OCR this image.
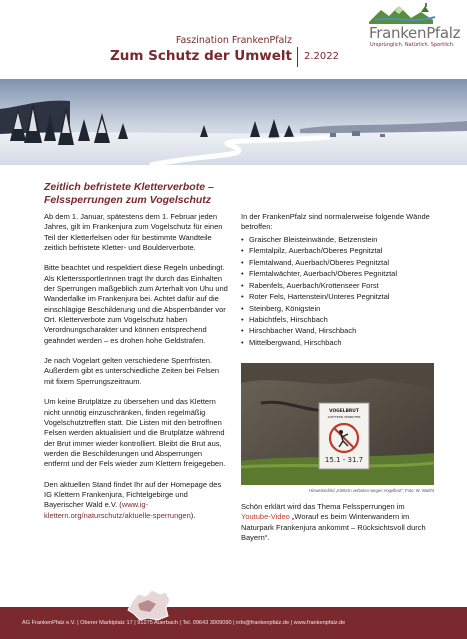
Faszination FrankenPfalz
Zum Schutz der Umwelt 2.2022
FrankenPfalz
Ursprünglich. Natürlich. Sportlich.
Zeitlich befristete Kletterverbote –
Felssperrungen zum Vogelschutz

Ab dem 1. Januar, spätestens dem 1. Februar jeden Jahres, gilt im Frankenjura zum Vogelschutz für einen Teil der Kletterfelsen oder für bestimmte Wandteile zeitlich befristete Kletter- und Boulderverbote.

Bitte beachtet und respektiert diese Regeln unbedingt. Als KletterssportlerInnen tragt Ihr durch das Einhalten der Sperrungen maßgeblich zum Arterhalt von Uhu und Wanderfalke im Frankenjura bei. Achtet dafür auf die einschlägige Beschilderung und die Absperrbänder vor Ort. Kletterverbote zum Vogelschutz haben Verordnungscharakter und können entsprechend geahndet werden – es drohen hohe Geldstrafen.

Je nach Vogelart gelten verschiedene Sperrfristen. Außerdem gibt es unterschiedliche Zeiten bei Felsen mit fixem Sperrungszeitraum.

Um keine Brutplätze zu übersehen und das Klettern nicht unnötig einzuschränken, finden regelmäßig Vogelschutztreffen statt. Die Listen mit den betroffnen Felsen werden aktualisiert und die Brutplätze während der Brut immer wieder kontrolliert. Bleibt die Brut aus, werden die Beschilderungen und Absperrungen entfernt und der Fels wieder zum Klettern freigegeben.

Den aktuellen Stand findet Ihr auf der Homepage des IG Klettern Frankenjura, Fichtelgebirge und Bayerischer Wald e.V. (www.ig-klettern.org/naturschutz/aktuelle-sperrungen).

In der FrankenPfalz sind normalerweise folgende Wände betroffen:

• Graischer Bleisteinwände, Betzenstein
• Flemtalpilz, Auerbach/Oberes Pegnitztal
• Flemtalwand, Auerbach/Oberes Pegnitztal
• Flemtalwächter, Auerbach/Oberes Pegnitztal
• Rabenfels, Auerbach/Krottenseer Forst
• Roter Fels, Hartenstein/Unteres Pegnitztal
• Steinberg, Königstein
• Habichtfels, Hirschbach
• Hirschbacher Wand, Hirschbach
• Mittelbergwand, Hirschbach
VOGELBRUT
KLETTERN VERBOTEN
15.1 - 31.7
Hinweisschild „Klettern verboten wegen Vogelbrut“; Foto: W. Wartht

Schön erklärt wird das Thema Felssperrungen im Youtube-Video „Worauf es beim Winterwandern im Naturpark Frankenjura ankommt – Rücksichtsvoll durch Bayern“.

AG FrankenPfalz e.V. | Oberer Marktplatz 17 | 91275 Auerbach | Tel. 09643 3009090 | info@frankenpfalz.de | www.frankenpfalz.de
